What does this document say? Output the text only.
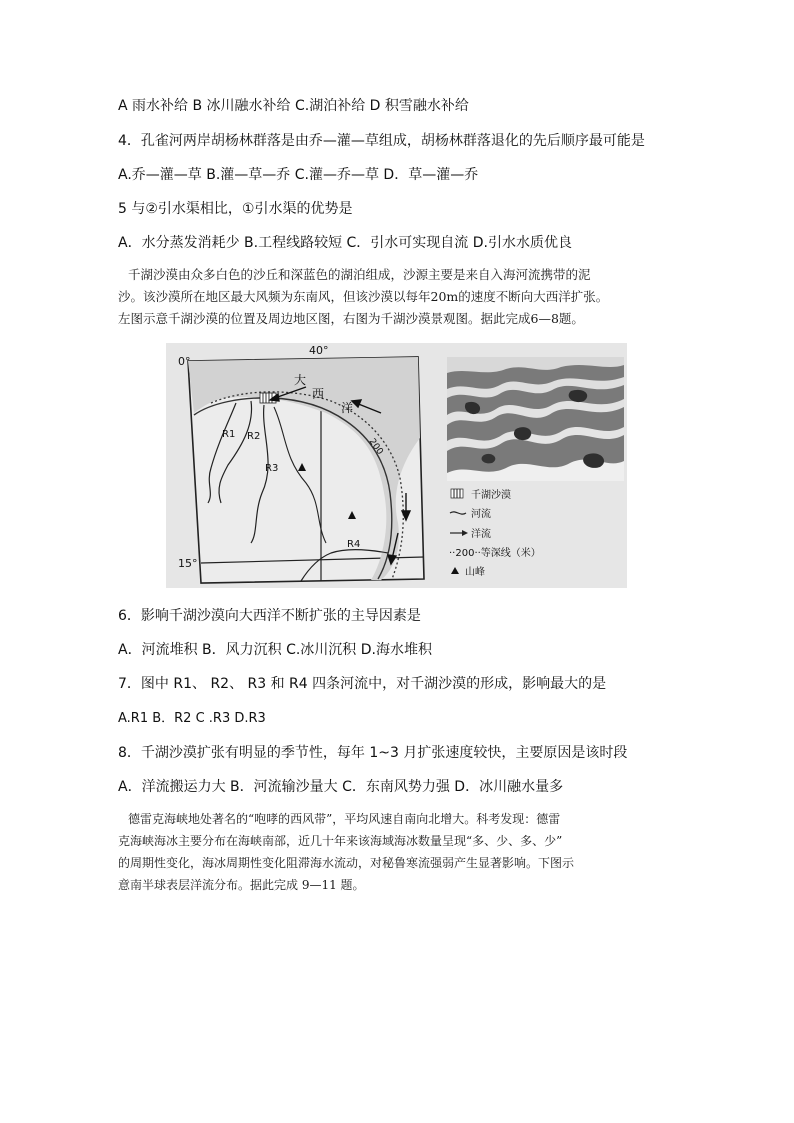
A 雨水补给 B 冰川融水补给 C.湖泊补给 D 积雪融水补给
4．孔雀河两岸胡杨林群落是由乔—灌—草组成，胡杨林群落退化的先后顺序最可能是
A.乔—灌—草 B.灌—草—乔 C.灌—乔—草 D．草—灌—乔
5 与②引水渠相比，①引水渠的优势是
A．水分蒸发消耗少 B.工程线路较短 C．引水可实现自流 D.引水水质优良
千湖沙漠由众多白色的沙丘和深蓝色的湖泊组成，沙源主要是来自入海河流携带的泥
沙。该沙漠所在地区最大风频为东南风，但该沙漠以每年20m的速度不断向大西洋扩张。
左图示意千湖沙漠的位置及周边地区图，右图为千湖沙漠景观图。据此完成6—8题。
0°
40°
15°
大
西
洋
200
R1 R2
R3
R4
千湖沙漠
河流
洋流
··200··等深线（米）
山峰
6．影响千湖沙漠向大西洋不断扩张的主导因素是
A．河流堆积 B．风力沉积 C.冰川沉积 D.海水堆积
7．图中 R1、 R2、 R3 和 R4 四条河流中，对千湖沙漠的形成，影响最大的是
A.R1 B．R2 C .R3 D.R3
8．千湖沙漠扩张有明显的季节性，每年 1~3 月扩张速度较快，主要原因是该时段
A．洋流搬运力大 B．河流输沙量大 C．东南风势力强 D．冰川融水量多
德雷克海峡地处著名的“咆哮的西风带”，平均风速自南向北增大。科考发现：德雷
克海峡海冰主要分布在海峡南部，近几十年来该海域海冰数量呈现“多、少、多、少”
的周期性变化，海冰周期性变化阻滞海水流动，对秘鲁寒流强弱产生显著影响。下图示
意南半球表层洋流分布。据此完成 9—11 题。
